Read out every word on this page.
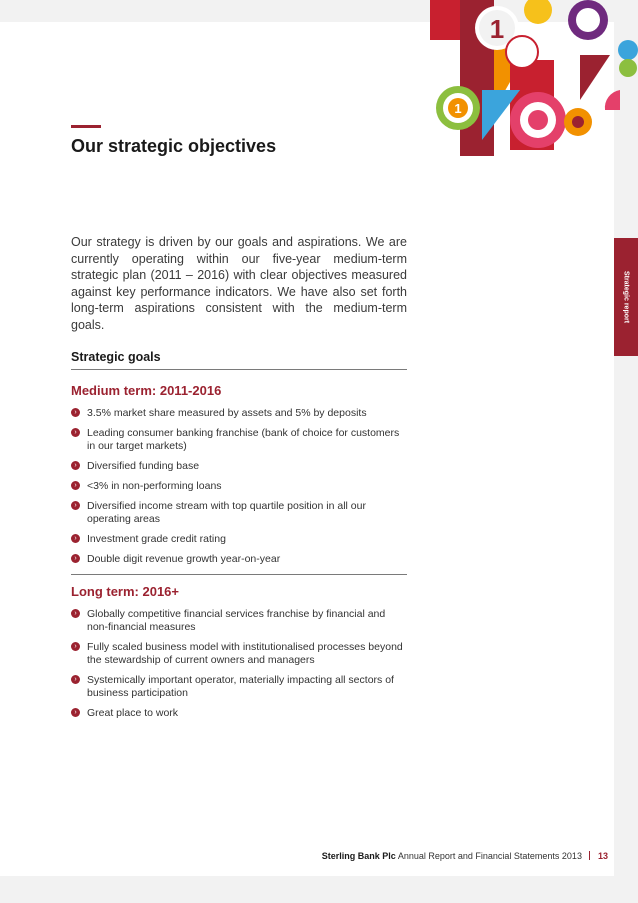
1
1
Strategic report
Our strategic objectives

Our strategy is driven by our goals and aspirations. We are currently operating within our five-year medium-term strategic plan (2011 – 2016) with clear objectives measured against key performance indicators. We have also set forth long-term aspirations consistent with the medium-term goals.

Strategic goals
Medium term: 2011-2016
› 3.5% market share measured by assets and 5% by deposits
› Leading consumer banking franchise (bank of choice for customers in our target markets)
› Diversified funding base
› <3% in non-performing loans
› Diversified income stream with top quartile position in all our operating areas
› Investment grade credit rating
› Double digit revenue growth year-on-year
Long term: 2016+
› Globally competitive financial services franchise by financial and non-financial measures
› Fully scaled business model with institutionalised processes beyond the stewardship of current owners and managers
› Systemically important operator, materially impacting all sectors of business participation
› Great place to work
Sterling Bank Plc Annual Report and Financial Statements 2013 13
